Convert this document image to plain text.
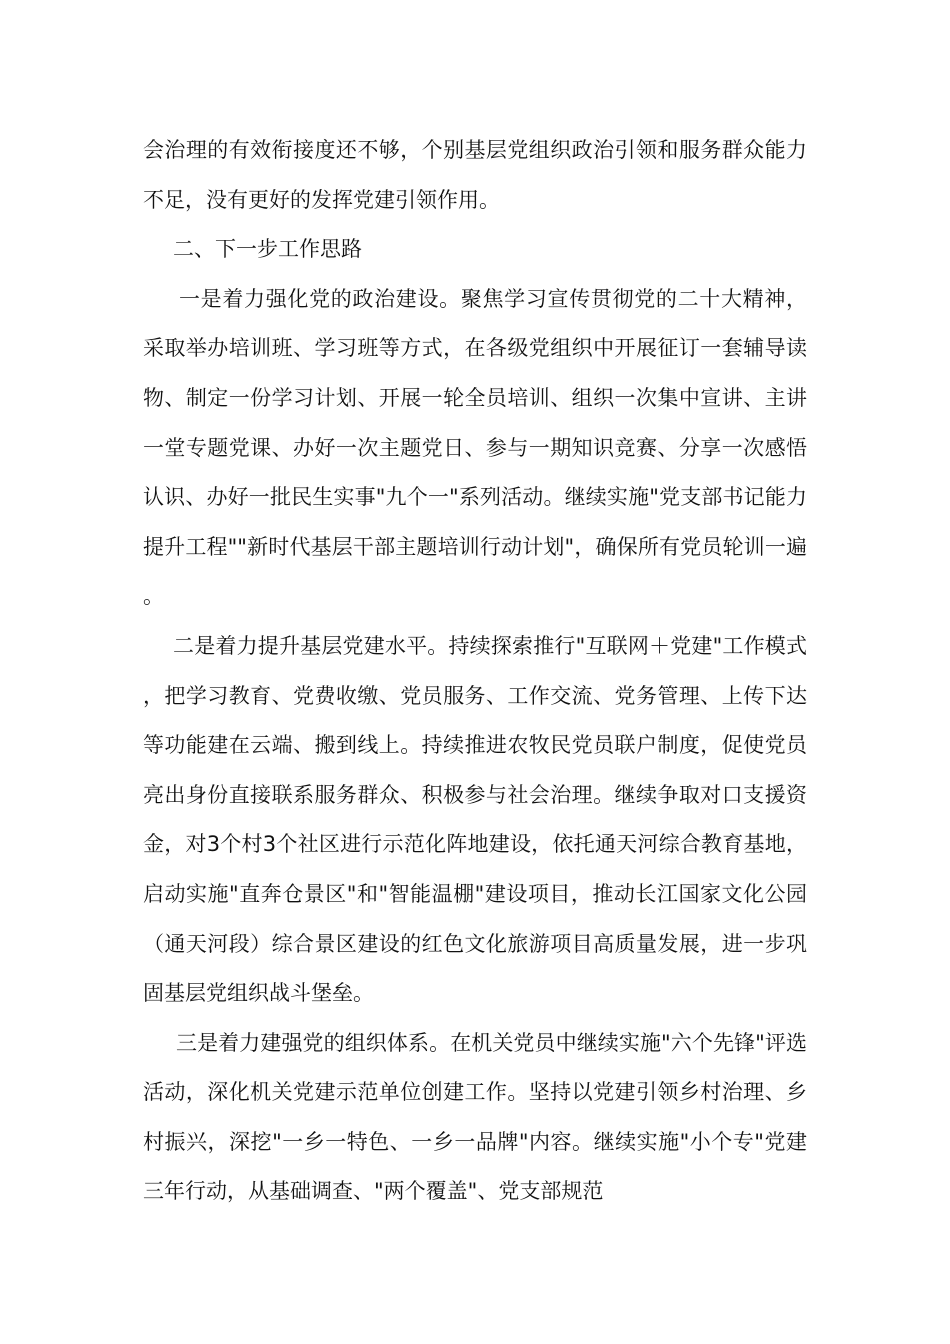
会治理的有效衔接度还不够，个别基层党组织政治引领和服务群众能力不足，没有更好的发挥党建引领作用。

二、下一步工作思路

一是着力强化党的政治建设。聚焦学习宣传贯彻党的二十大精神，采取举办培训班、学习班等方式，在各级党组织中开展征订一套辅导读物、制定一份学习计划、开展一轮全员培训、组织一次集中宣讲、主讲一堂专题党课、办好一次主题党日、参与一期知识竞赛、分享一次感悟认识、办好一批民生实事"九个一"系列活动。继续实施"党支部书记能力提升工程""新时代基层干部主题培训行动计划"，确保所有党员轮训一遍。

二是着力提升基层党建水平。持续探索推行"互联网＋党建"工作模式，把学习教育、党费收缴、党员服务、工作交流、党务管理、上传下达等功能建在云端、搬到线上。持续推进农牧民党员联户制度，促使党员亮出身份直接联系服务群众、积极参与社会治理。继续争取对口支援资金，对3个村3个社区进行示范化阵地建设，依托通天河综合教育基地，启动实施"直奔仓景区"和"智能温棚"建设项目，推动长江国家文化公园（通天河段）综合景区建设的红色文化旅游项目高质量发展，进一步巩固基层党组织战斗堡垒。

三是着力建强党的组织体系。在机关党员中继续实施"六个先锋"评选活动，深化机关党建示范单位创建工作。坚持以党建引领乡村治理、乡村振兴，深挖"一乡一特色、一乡一品牌"内容。继续实施"小个专"党建三年行动，从基础调查、"两个覆盖"、党支部规范
